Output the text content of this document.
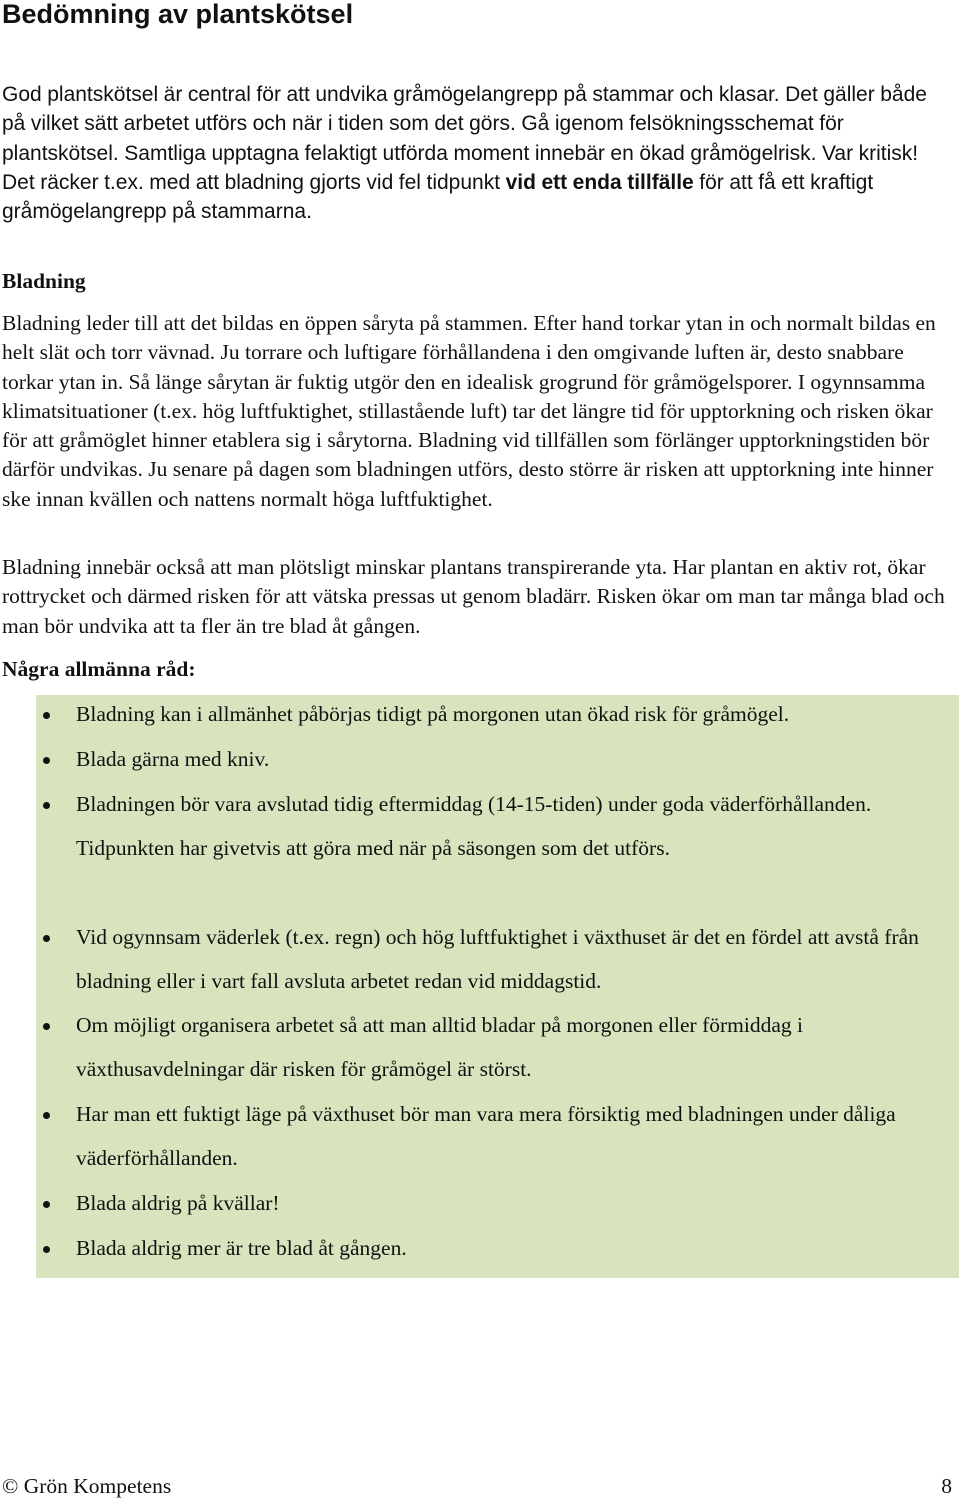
Bedömning av plantskötsel

God plantskötsel är central för att undvika gråmögelangrepp på stammar och klasar. Det gäller både på vilket sätt arbetet utförs och när i tiden som det görs. Gå igenom felsökningsschemat för plantskötsel. Samtliga upptagna felaktigt utförda moment innebär en ökad gråmögelrisk. Var kritisk! Det räcker t.ex. med att bladning gjorts vid fel tidpunkt vid ett enda tillfälle för att få ett kraftigt gråmögelangrepp på stammarna.

Bladning

Bladning leder till att det bildas en öppen såryta på stammen. Efter hand torkar ytan in och normalt bildas en helt slät och torr vävnad. Ju torrare och luftigare förhållandena i den omgivande luften är, desto snabbare torkar ytan in. Så länge sårytan är fuktig utgör den en idealisk grogrund för gråmögelsporer. I ogynnsamma klimatsituationer (t.ex. hög luftfuktighet, stillastående luft) tar det längre tid för upptorkning och risken ökar för att gråmöglet hinner etablera sig i sårytorna. Bladning vid tillfällen som förlänger upptorkningstiden bör därför undvikas. Ju senare på dagen som bladningen utförs, desto större är risken att upptorkning inte hinner ske innan kvällen och nattens normalt höga luftfuktighet.

Bladning innebär också att man plötsligt minskar plantans transpirerande yta. Har plantan en aktiv rot, ökar rottrycket och därmed risken för att vätska pressas ut genom bladärr. Risken ökar om man tar många blad och man bör undvika att ta fler än tre blad åt gången.

Några allmänna råd:
Bladning kan i allmänhet påbörjas tidigt på morgonen utan ökad risk för gråmögel.
Blada gärna med kniv.
Bladningen bör vara avslutad tidig eftermiddag (14-15-tiden) under goda väderförhållanden. Tidpunkten har givetvis att göra med när på säsongen som det utförs.
Vid ogynnsam väderlek (t.ex. regn) och hög luftfuktighet i växthuset är det en fördel att avstå från bladning eller i vart fall avsluta arbetet redan vid middagstid.
Om möjligt organisera arbetet så att man alltid bladar på morgonen eller förmiddag i växthusavdelningar där risken för gråmögel är störst.
Har man ett fuktigt läge på växthuset bör man vara mera försiktig med bladningen under dåliga väderförhållanden.
Blada aldrig på kvällar!
Blada aldrig mer är tre blad åt gången.

© Grön Kompetens	8
